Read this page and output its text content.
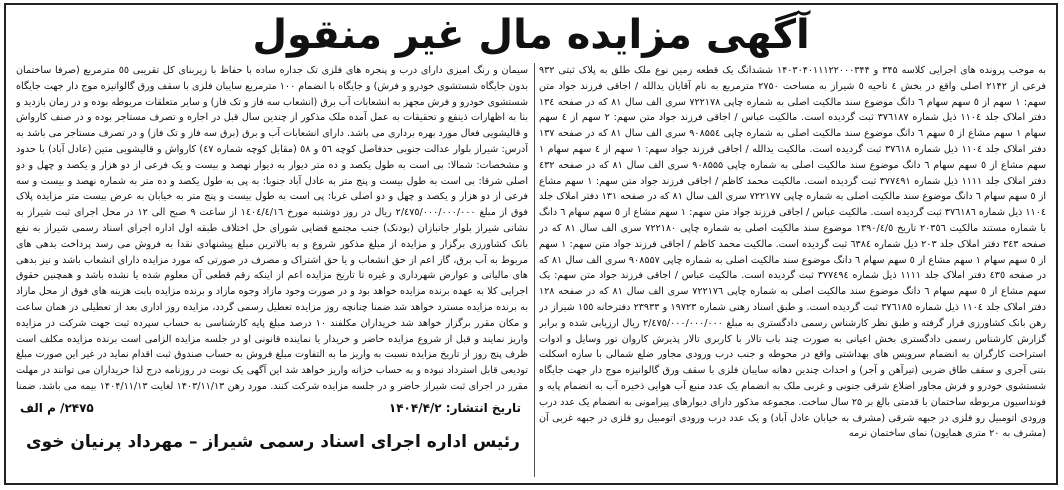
آگهی مزایده مال غیر منقول

به موجب پرونده های اجرایی کلاسه ۳۴۵ و ۱۴۰۳۰۴۰۱۱۱۲۲۰۰۰۳۴۴ ششدانگ یک قطعه زمین نوع ملک طلق به پلاک ثبتی ۹۳۲ فرعی از ۲۱۴۲ اصلی واقع در بخش ٤ ناحیه ٥ شیراز به مساحت ۲۷۵۰ مترمربع به نام آقایان یدالله / اجاقی فرزند جواد متن سهم: ۱ سهم از ٥ سهم سهام ٦ دانگ موضوع سند مالکیت اصلی به شماره چاپی ۷۲۲۱۷۸ سری الف سال ۸۱ که در صفحه ۱۳٤ دفتر املاک جلد ۱۱۰٤ ذیل شماره ۳۷٦۱۸۷ ثبت گردیده است. مالکیت عباس / اجاقی فرزند جواد متن سهم: ۲ سهم از ٤ سهم سهام ۱ سهم مشاع از ٥ سهم ٦ دانگ موضوع سند مالکیت اصلی به شماره چاپی ۹۰۸۵۵٤ سری الف سال ۸۱ که در صفحه ۱۳۷ دفتر املاک جلد ۱۱۰٤ ذیل شماره ۳۷٦۱۸ ثبت گردیده است. مالکیت یدالله / اجاقی فرزند جواد سهم: ۱ سهم از ٤ سهم سهام ۱ سهم مشاع از ٥ سهم سهام ٦ دانگ موضوع سند مالکیت اصلی به شماره چاپی ۹۰۸۵۵۵ سری الف سال ۸۱ که در صفحه ٤۳۲ دفتر املاک جلد ۱۱۱۱ ذیل شماره ۳۷۷٤۹۱ ثبت گردیده است. مالکیت محمد کاظم / اجاقی فرزند جواد متن سهم: ۱ سهم مشاع از ٥ سهم سهام ٦ دانگ موضوع سند مالکیت اصلی به شماره چاپی ۷۲۲۱۷۷ سری الف سال ۸۱ که در صفحه ۱۳۱ دفتر املاک جلد ۱۱۰٤ ذیل شماره ۳۷٦۱۸٦ ثبت گردیده است. مالکیت عباس / اجاقی فرزند جواد متن سهم: ۱ سهم مشاع از ٥ سهم سهام ٦ دانگ با شماره مستند مالکیت ۲۰۳٥٦ تاریخ ۱۳۹۰/٤/٥ موضوع سند مالکیت اصلی به شماره چاپی ۷۲۲۱۸۰ سری الف سال ۸۱ که در صفحه ۳٤۳ دفتر املاک جلد ۲۰۳ ذیل شماره ٦۳۸٤ ثبت گردیده است. مالکیت محمد کاظم / اجاقی فرزند جواد متن سهم: ۱ سهم از ٥ سهم سهام ۱ سهم مشاع از ٥ سهم سهام ٦ دانگ موضوع سند مالکیت اصلی به شماره چاپی ۹۰۸۵۵۷ سری الف سال ۸۱ که در صفحه ٤۳٥ دفتر املاک جلد ۱۱۱۱ ذیل شماره ۳۷۷٤۹٤ ثبت گردیده است. مالکیت عباس / اجاقی فرزند جواد متن سهم: یک سهم مشاع از ٥ سهم سهام ٦ دانگ موضوع سند مالکیت اصلی به شماره چاپی ۷۲۲۱۷٦ سری الف سال ۸۱ که در صفحه ۱۲۸ دفتر املاک جلد ۱۱۰٤ ذیل شماره ۳۷٦۱۸٥ ثبت گردیده است. و طبق اسناد رهنی شماره ۱۹۷۲۳ و ۲۳۹۳۳ دفترخانه ۱٥٥ شیراز در رهن بانک کشاورزی قرار گرفته و طبق نظر کارشناس رسمی دادگستری به مبلغ ۲/٤۷٥/۰۰۰/۰۰۰/۰۰۰ ریال ارزیابی شده و برابر گزارش کارشناس رسمی دادگستری بخش اعیانی به صورت چند باب تالار با کاربری تالار پذیرش کاروان تور وسایل و ادوات استراحت کارگران به انضمام سرویس های بهداشتی واقع در محوطه و جنب درب ورودی مجاور ضلع شمالی با سازه اسکلت بتنی آجری و سقف طاق ضربی (تیرآهن و آجر) و احداث چندین دهانه سایبان فلزی با سقف ورق گالوانیزه موج دار جهت جایگاه شستشوی خودرو و فرش مجاور اضلاع شرقی جنوبی و غربی ملک به انضمام یک عدد منبع آب هوایی ذخیره آب به انضمام پایه و فونداسیون مربوطه ساختمان با قدمتی بالغ بر ۲۵ سال ساخت. مجموعه مذکور دارای دیوارهای پیرامونی به انضمام یک عدد درب ورودی اتومبیل رو فلزی در جبهه شرقی (مشرف به خیابان عادل آباد) و یک عدد درب ورودی اتومبیل رو فلزی در جبهه غربی آن (مشرف به ۲۰ متری همایون) نمای ساختمان نرمه

سیمان و رنگ امیزی دارای درب و پنجره های فلزی تک جداره ساده با حفاظ با زیربنای کل تقریبی ٥٥ مترمربع (صرفا ساختمان بدون جایگاه شستشوی خودرو و فرش) و جایگاه با انضمام ۱۰۰ مترمربع سایبان فلزی با سقف ورق گالوانیزه موج دار جهت جایگاه شستشوی خودرو و فرش مجهز به انشعابات آب برق (انشعاب سه فاز و تک فاز) و سایر متعلقات مربوطه بوده و در زمان بازدید و بنا به اظهارات ذینفع و تحقیقات به عمل آمده ملک مذکور از چندین سال قبل در اجاره و تصرف مستاجر بوده و در صنف کارواش و قالیشویی فعال مورد بهره برداری می باشد. دارای انشعابات آب و برق (برق سه فاز و تک فاز) و در تصرف مستاجر می باشد به آدرس: شیراز بلوار عدالت جنوبی حدفاصل کوچه ٥٦ و ٥۸ (مقابل کوچه شماره ٤۷) کارواش و قالیشویی متین (عادل آباد) با حدود و مشخصات: شمالا: بی است به طول یکصد و ده متر دیوار به دیوار نهصد و بیست و یک فرعی از دو هزار و یکصد و چهل و دو اصلی شرقا: بی است به طول بیست و پنج متر به عادل آباد جنوبا: به پی به طول یکصد و ده متر به شماره نهصد و بیست و سه فرعی از دو هزار و یکصد و چهل و دو اصلی غربا: پی است به طول بیست و پنج متر به خیابان به عرض بیست متر مزایده پلاک فوق از مبلغ ۲/٤۷٥/۰۰۰/۰۰۰/۰۰۰ ریال در روز دوشنبه مورخ ۱٤۰٤/٤/۱٦ از ساعت ۹ صبح الی ۱۲ در محل اجرای ثبت شیراز به نشانی شیراز بلوار جانبازان (بودنک) جنب مجتمع قضایی شورای حل اختلاف طبقه اول اداره اجرای اسناد رسمی شیراز به نفع بانک کشاورزی برگزار و مزایده از مبلغ مذکور شروع و به بالاترین مبلغ پیشنهادی نقدا به فروش می رسد پرداخت بدهی های مربوط به آب برق، گاز اعم از حق انشعاب و یا حق اشتراک و مصرف در صورتی که مورد مزایده دارای انشعاب باشد و نیز بدهی های مالیاتی و عوارض شهرداری و غیره تا تاریخ مزایده اعم از اینکه رقم قطعی آن معلوم شده یا نشده باشد و همچنین حقوق اجرایی کلا به عهده برنده مزایده خواهد بود و در صورت وجود مازاد وجوه مازاد و برنده مزایده بابت هزینه های فوق از محل مازاد به برنده مزایده مسترد خواهد شد ضمنا چنانچه روز مزایده تعطیل رسمی گردد، مزایده روز اداری بعد از تعطیلی در همان ساعت و مکان مقرر برگزار خواهد شد خریداران مکلفند ۱۰ درصد مبلغ پایه کارشناسی به حساب سپرده ثبت جهت شرکت در مزایده واریز نمایند و قبل از شروع مزایده حاضر و خریدار یا نماینده قانونی او در جلسه مزایده الزامی است برنده مزایده مکلف است ظرف پنج روز از تاریخ مزایده نسبت به واریز ما به التفاوت مبلغ فروش به حساب صندوق ثبت اقدام نماید در غیر این صورت مبلغ تودیعی قابل استرداد نبوده و به حساب خزانه واریز خواهد شد این آگهی یک نوبت در روزنامه درج لذا خریداران می توانند در مهلت مقرر در اجرای ثبت شیراز حاضر و در جلسه مزایده شرکت کنند. مورد رهن ۱۴۰۳/۱۱/۱۳ لغایت ۱۴۰۴/۱۱/۱۳ بیمه می باشد. ضمنا

تاریخ انتشار: ۱۴۰۴/۴/۲
۲۴۷۵/ م الف
رئیس اداره اجرای اسناد رسمی شیراز – مهرداد پرنیان خوی
